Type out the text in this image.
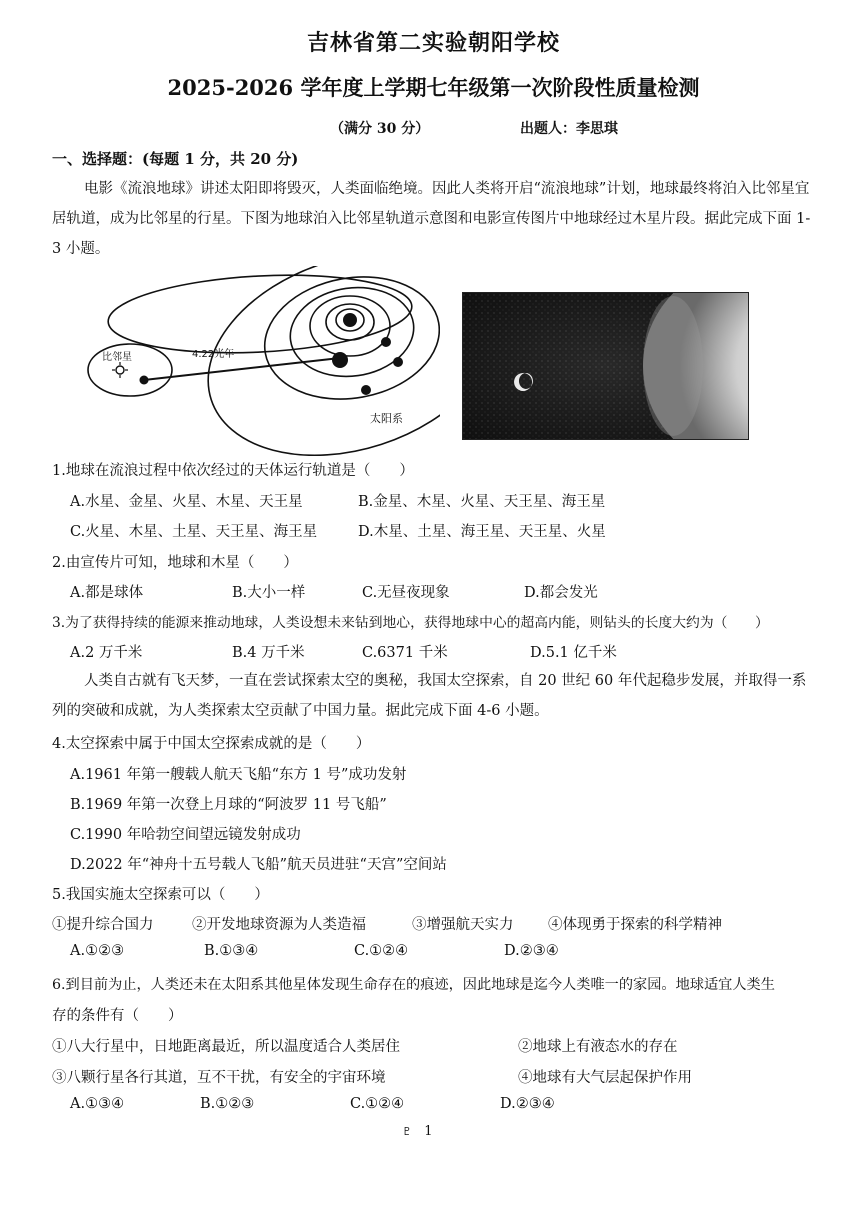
吉林省第二实验朝阳学校
2025-2026 学年度上学期七年级第一次阶段性质量检测
（满分 30 分）	出题人：李思琪
一、选择题：(每题 1 分，共 20 分)
电影《流浪地球》讲述太阳即将毁灭，人类面临绝境。因此人类将开启“流浪地球”计划，地球最终将泊入比邻星宜居轨道，成为比邻星的行星。下图为地球泊入比邻星轨道示意图和电影宣传图片中地球经过木星片段。据此完成下面 1-3 小题。
比邻星	4.22光年
太阳系
1.地球在流浪过程中依次经过的天体运行轨道是（　　）
A.水星、金星、火星、木星、天王星	B.金星、木星、火星、天王星、海王星
C.火星、木星、土星、天王星、海王星	D.木星、土星、海王星、天王星、火星
2.由宣传片可知，地球和木星（　　）
A.都是球体	B.大小一样	C.无昼夜现象	D.都会发光
3.为了获得持续的能源来推动地球，人类设想未来钻到地心，获得地球中心的超高内能，则钻头的长度大约为（　　）
A.2 万千米	B.4 万千米	C.6371 千米	D.5.1 亿千米
人类自古就有飞天梦，一直在尝试探索太空的奥秘，我国太空探索，自 20 世纪 60 年代起稳步发展，并取得一系列的突破和成就，为人类探索太空贡献了中国力量。据此完成下面 4-6 小题。
4.太空探索中属于中国太空探索成就的是（　　）
A.1961 年第一艘载人航天飞船“东方 1 号”成功发射
B.1969 年第一次登上月球的“阿波罗 11 号飞船”
C.1990 年哈勃空间望远镜发射成功
D.2022 年“神舟十五号载人飞船”航天员进驻“天宫”空间站
5.我国实施太空探索可以（　　）
①提升综合国力	②开发地球资源为人类造福	③增强航天实力 ④体现勇于探索的科学精神
A.①②③	B.①③④	C.①②④	D.②③④
6.到目前为止，人类还未在太阳系其他星体发现生命存在的痕迹，因此地球是迄今人类唯一的家园。地球适宜人类生
存的条件有（　　）
①八大行星中，日地距离最近，所以温度适合人类居住	②地球上有液态水的存在
③八颗行星各行其道，互不干扰，有安全的宇宙环境	④地球有大气层起保护作用
A.①③④	B.①②③	C.①②④	D.②③④
♇ 1
